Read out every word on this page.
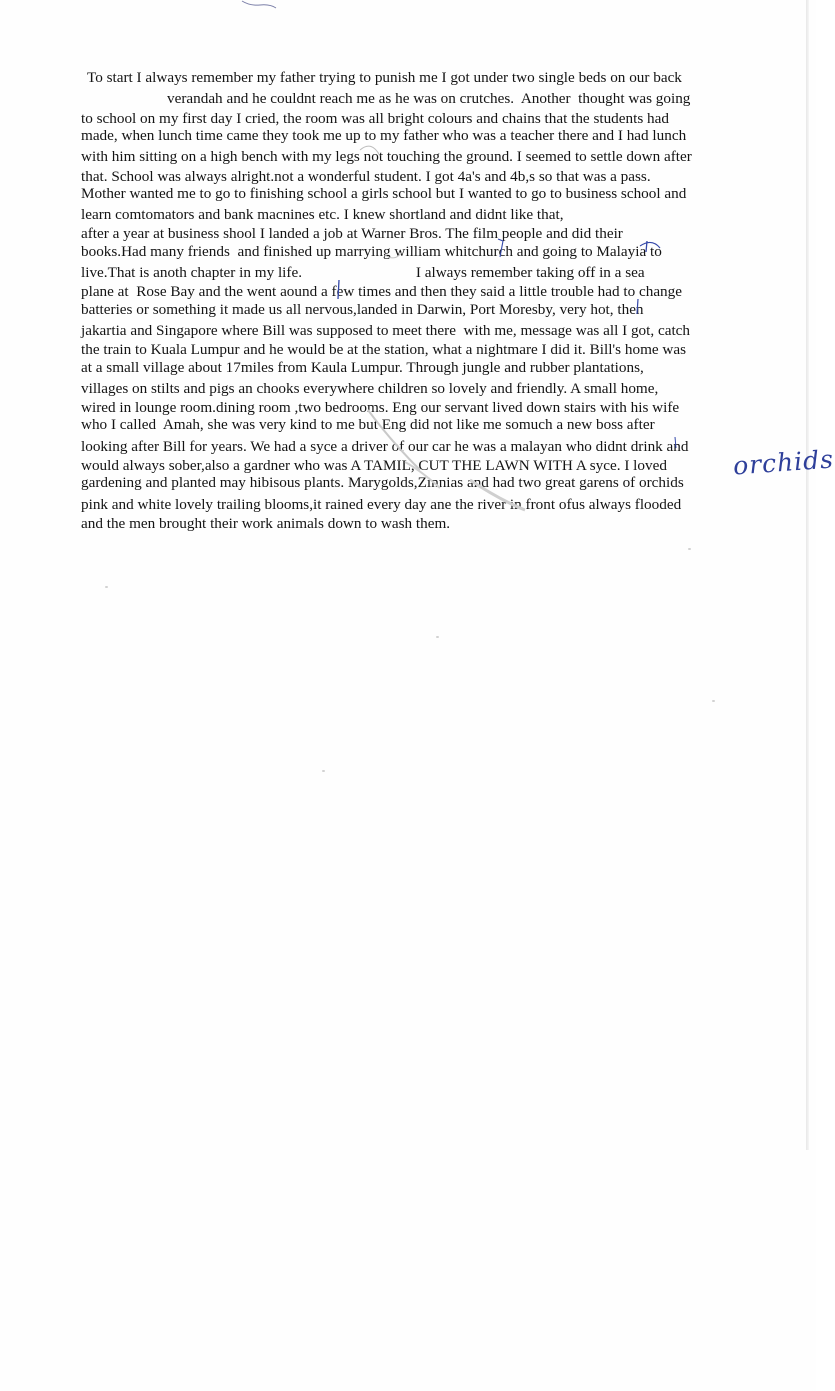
To start I always remember my father trying to punish me I got under two single beds on our back
verandah and he couldnt reach me as he was on crutches.  Another  thought was going
to school on my first day I cried, the room was all bright colours and chains that the students had
made, when lunch time came they took me up to my father who was a teacher there and I had lunch
with him sitting on a high bench with my legs not touching the ground. I seemed to settle down after
that. School was always alright.not a wonderful student. I got 4a's and 4b,s so that was a pass.
Mother wanted me to go to finishing school a girls school but I wanted to go to business school and
learn comtomators and bank macnines etc. I knew shortland and didnt like that,
after a year at business shool I landed a job at Warner Bros. The film people and did their
books.Had many friends  and finished up marrying william whitchurch and going to Malayia to
live.That is anoth chapter in my life.                              I always remember taking off in a sea
plane at  Rose Bay and the went aound a few times and then they said a little trouble had to change
batteries or something it made us all nervous,landed in Darwin, Port Moresby, very hot, then
jakartia and Singapore where Bill was supposed to meet there  with me, message was all I got, catch
the train to Kuala Lumpur and he would be at the station, what a nightmare I did it. Bill's home was
at a small village about 17miles from Kaula Lumpur. Through jungle and rubber plantations,
villages on stilts and pigs an chooks everywhere children so lovely and friendly. A small home,
wired in lounge room.dining room ,two bedrooms. Eng our servant lived down stairs with his wife
who I called  Amah, she was very kind to me but Eng did not like me somuch a new boss after
looking after Bill for years. We had a syce a driver of our car he was a malayan who didnt drink and
would always sober,also a gardner who was A TAMIL, CUT THE LAWN WITH A syce. I loved
gardening and planted may hibisous plants. Marygolds,Zinnias and had two great garens of orchids
pink and white lovely trailing blooms,it rained every day ane the river in front ofus always flooded
and the men brought their work animals down to wash them.
orchids
